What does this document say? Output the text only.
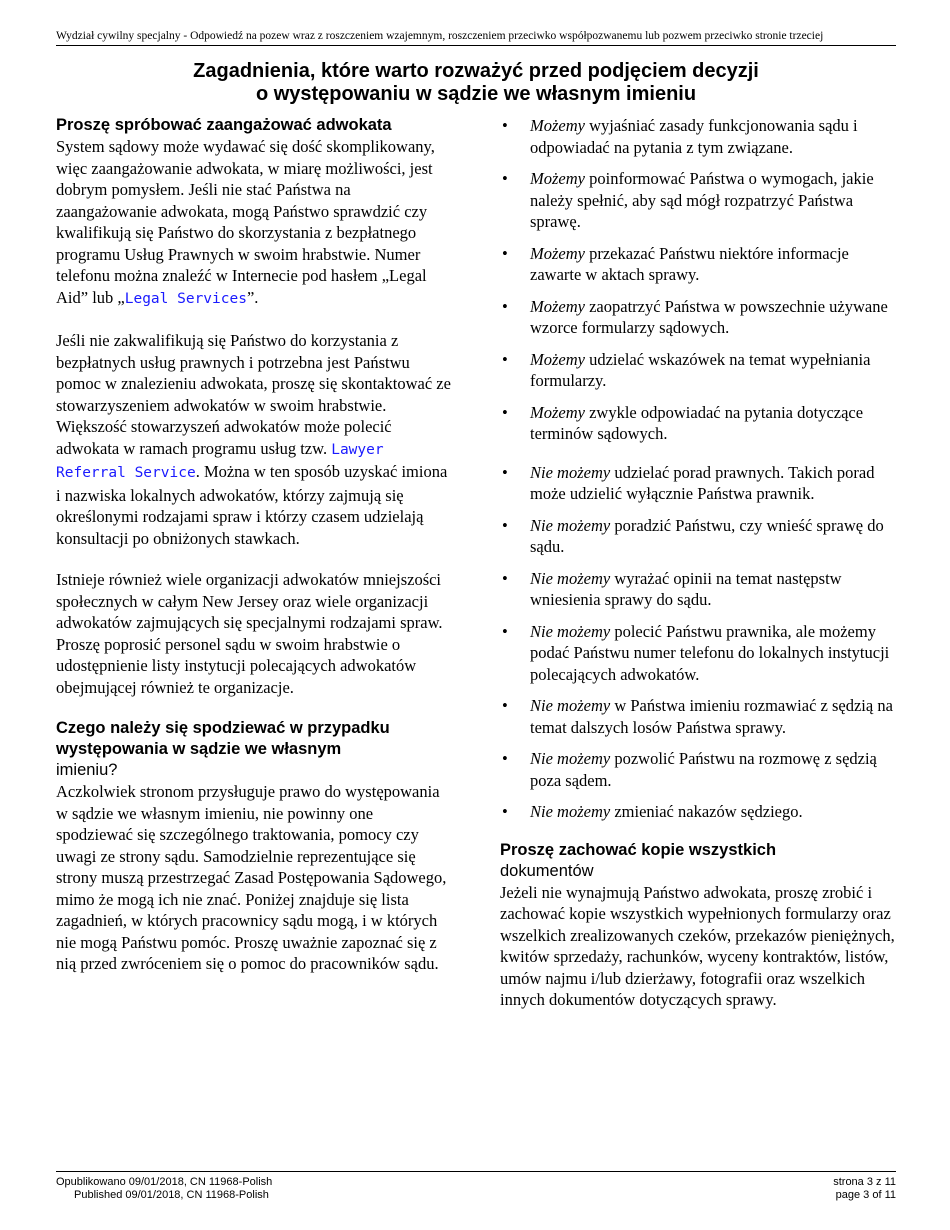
Wydział cywilny specjalny - Odpowiedź na pozew wraz z roszczeniem wzajemnym, roszczeniem przeciwko współpozwanemu lub pozwem przeciwko stronie trzeciej
Zagadnienia, które warto rozważyć przed podjęciem decyzji
o występowaniu w sądzie we własnym imieniu
Proszę spróbować zaangażować adwokata

System sądowy może wydawać się dość skomplikowany, więc zaangażowanie adwokata, w miarę możliwości, jest dobrym pomysłem. Jeśli nie stać Państwa na zaangażowanie adwokata, mogą Państwo sprawdzić czy kwalifikują się Państwo do skorzystania z bezpłatnego programu Usług Prawnych w swoim hrabstwie. Numer telefonu można znaleźć w Internecie pod hasłem „Legal Aid” lub „Legal Services”.

Jeśli nie zakwalifikują się Państwo do korzystania z bezpłatnych usług prawnych i potrzebna jest Państwu pomoc w znalezieniu adwokata, proszę się skontaktować ze stowarzyszeniem adwokatów w swoim hrabstwie. Większość stowarzyszeń adwokatów może polecić adwokata w ramach programu usług tzw. Lawyer Referral Service. Można w ten sposób uzyskać imiona i nazwiska lokalnych adwokatów, którzy zajmują się określonymi rodzajami spraw i którzy czasem udzielają konsultacji po obniżonych stawkach.

Istnieje również wiele organizacji adwokatów mniejszości społecznych w całym New Jersey oraz wiele organizacji adwokatów zajmujących się specjalnymi rodzajami spraw. Proszę poprosić personel sądu w swoim hrabstwie o udostępnienie listy instytucji polecających adwokatów obejmującej również te organizacje.

Czego należy się spodziewać w przypadku występowania w sądzie we własnym
imieniu?

Aczkolwiek stronom przysługuje prawo do występowania w sądzie we własnym imieniu, nie powinny one spodziewać się szczególnego traktowania, pomocy czy uwagi ze strony sądu. Samodzielnie reprezentujące się strony muszą przestrzegać Zasad Postępowania Sądowego, mimo że mogą ich nie znać. Poniżej znajduje się lista zagadnień, w których pracownicy sądu mogą, i w których nie mogą Państwu pomóc. Proszę uważnie zapoznać się z nią przed zwróceniem się o pomoc do pracowników sądu.

• Możemy wyjaśniać zasady funkcjonowania sądu i odpowiadać na pytania z tym związane.
• Możemy poinformować Państwa o wymogach, jakie należy spełnić, aby sąd mógł rozpatrzyć Państwa sprawę.
• Możemy przekazać Państwu niektóre informacje zawarte w aktach sprawy.
• Możemy zaopatrzyć Państwa w powszechnie używane wzorce formularzy sądowych.
• Możemy udzielać wskazówek na temat wypełniania formularzy.
• Możemy zwykle odpowiadać na pytania dotyczące terminów sądowych.
• Nie możemy udzielać porad prawnych. Takich porad może udzielić wyłącznie Państwa prawnik.
• Nie możemy poradzić Państwu, czy wnieść sprawę do sądu.
• Nie możemy wyrażać opinii na temat następstw wniesienia sprawy do sądu.
• Nie możemy polecić Państwu prawnika, ale możemy podać Państwu numer telefonu do lokalnych instytucji polecających adwokatów.
• Nie możemy w Państwa imieniu rozmawiać z sędzią na temat dalszych losów Państwa sprawy.
• Nie możemy pozwolić Państwu na rozmowę z sędzią poza sądem.
• Nie możemy zmieniać nakazów sędziego.
Proszę zachować kopie wszystkich
dokumentów

Jeżeli nie wynajmują Państwo adwokata, proszę zrobić i zachować kopie wszystkich wypełnionych formularzy oraz wszelkich zrealizowanych czeków, przekazów pieniężnych, kwitów sprzedaży, rachunków, wyceny kontraktów, listów, umów najmu i/lub dzierżawy, fotografii oraz wszelkich innych dokumentów dotyczących sprawy.

Opublikowano 09/01/2018, CN 11968-Polish
Published 09/01/2018, CN 11968-Polish
strona 3 z 11
page 3 of 11
